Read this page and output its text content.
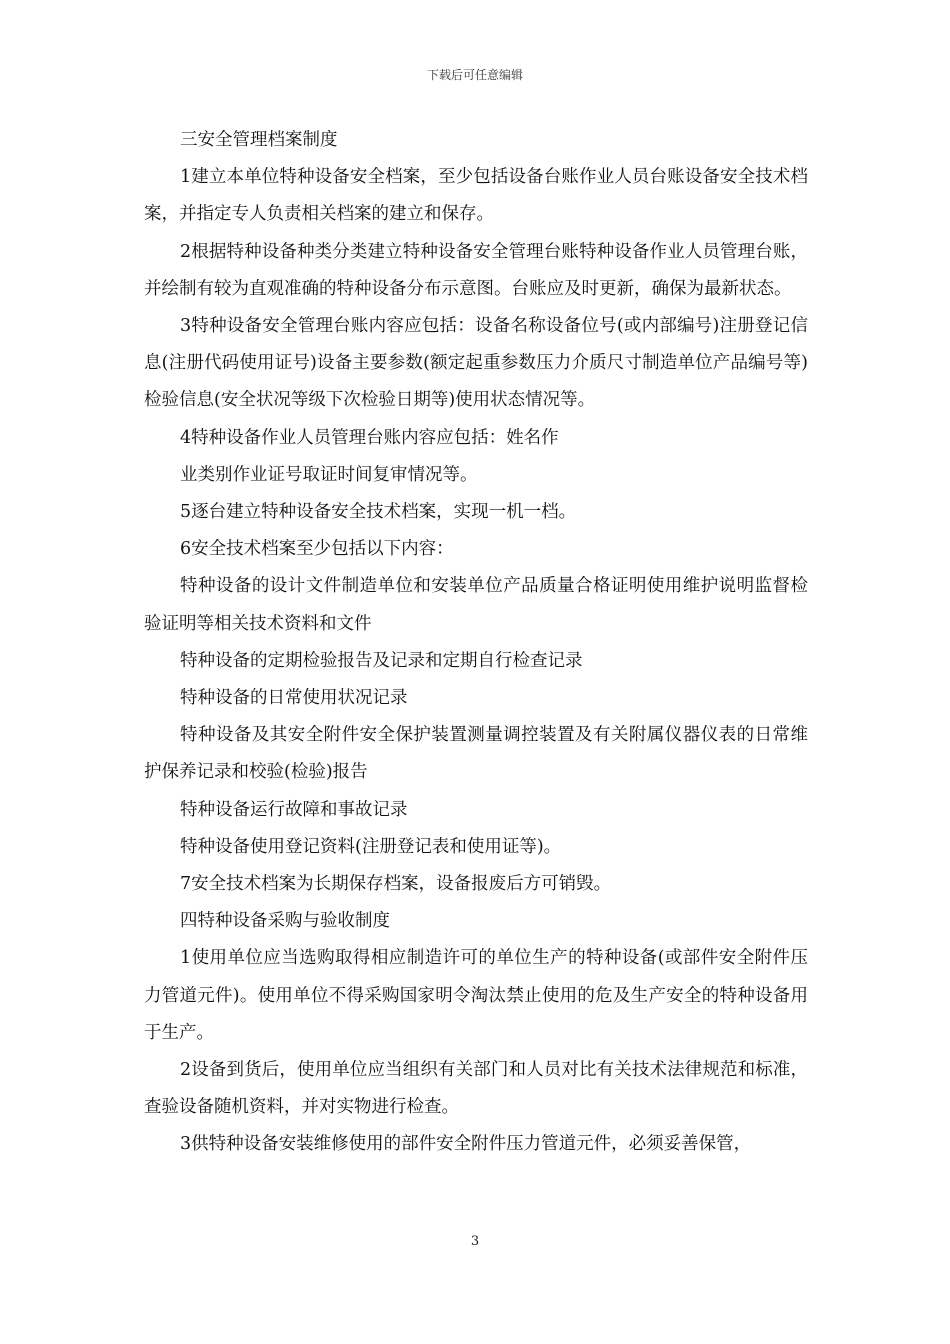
下载后可任意编辑

三安全管理档案制度

1建立本单位特种设备安全档案，至少包括设备台账作业人员台账设备安全技术档案，并指定专人负责相关档案的建立和保存。

2根据特种设备种类分类建立特种设备安全管理台账特种设备作业人员管理台账，并绘制有较为直观准确的特种设备分布示意图。台账应及时更新，确保为最新状态。

3特种设备安全管理台账内容应包括：设备名称设备位号(或内部编号)注册登记信息(注册代码使用证号)设备主要参数(额定起重参数压力介质尺寸制造单位产品编号等)检验信息(安全状况等级下次检验日期等)使用状态情况等。

4特种设备作业人员管理台账内容应包括：姓名作

业类别作业证号取证时间复审情况等。

5逐台建立特种设备安全技术档案，实现一机一档。

6安全技术档案至少包括以下内容：

特种设备的设计文件制造单位和安装单位产品质量合格证明使用维护说明监督检验证明等相关技术资料和文件

特种设备的定期检验报告及记录和定期自行检查记录

特种设备的日常使用状况记录

特种设备及其安全附件安全保护装置测量调控装置及有关附属仪器仪表的日常维护保养记录和校验(检验)报告

特种设备运行故障和事故记录

特种设备使用登记资料(注册登记表和使用证等)。

7安全技术档案为长期保存档案，设备报废后方可销毁。

四特种设备采购与验收制度

1使用单位应当选购取得相应制造许可的单位生产的特种设备(或部件安全附件压力管道元件)。使用单位不得采购国家明令淘汰禁止使用的危及生产安全的特种设备用于生产。

2设备到货后，使用单位应当组织有关部门和人员对比有关技术法律规范和标准，查验设备随机资料，并对实物进行检查。

3供特种设备安装维修使用的部件安全附件压力管道元件，必须妥善保管，

3
